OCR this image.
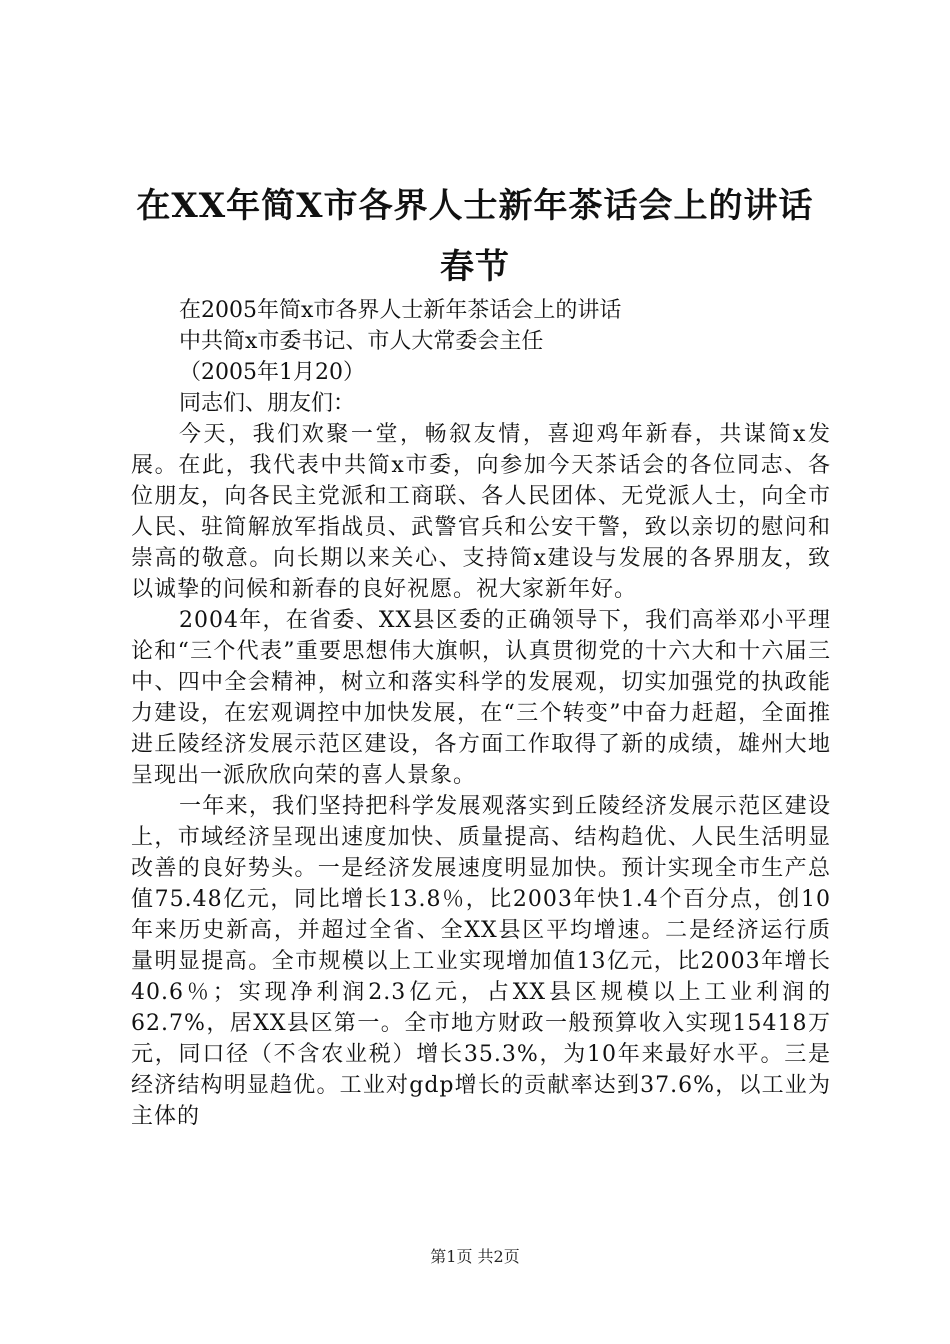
在XX年简X市各界人士新年茶话会上的讲话
春节

在2005年简x市各界人士新年茶话会上的讲话

中共简x市委书记、市人大常委会主任

（2005年1月20）

同志们、朋友们：

今天，我们欢聚一堂，畅叙友情，喜迎鸡年新春，共谋简x发展。在此，我代表中共简x市委，向参加今天茶话会的各位同志、各位朋友，向各民主党派和工商联、各人民团体、无党派人士，向全市人民、驻简解放军指战员、武警官兵和公安干警，致以亲切的慰问和崇高的敬意。向长期以来关心、支持简x建设与发展的各界朋友，致以诚挚的问候和新春的良好祝愿。祝大家新年好。

2004年，在省委、XX县区委的正确领导下，我们高举邓小平理论和“三个代表”重要思想伟大旗帜，认真贯彻党的十六大和十六届三中、四中全会精神，树立和落实科学的发展观，切实加强党的执政能力建设，在宏观调控中加快发展，在“三个转变”中奋力赶超，全面推进丘陵经济发展示范区建设，各方面工作取得了新的成绩，雄州大地呈现出一派欣欣向荣的喜人景象。

一年来，我们坚持把科学发展观落实到丘陵经济发展示范区建设上，市域经济呈现出速度加快、质量提高、结构趋优、人民生活明显改善的良好势头。一是经济发展速度明显加快。预计实现全市生产总值75.48亿元，同比增长13.8％，比2003年快1.4个百分点，创10年来历史新高，并超过全省、全XX县区平均增速。二是经济运行质量明显提高。全市规模以上工业实现增加值13亿元，比2003年增长40.6％；实现净利润2.3亿元，占XX县区规模以上工业利润的62.7%，居XX县区第一。全市地方财政一般预算收入实现15418万元，同口径（不含农业税）增长35.3%，为10年来最好水平。三是经济结构明显趋优。工业对gdp增长的贡献率达到37.6%，以工业为主体的

第1页 共2页
